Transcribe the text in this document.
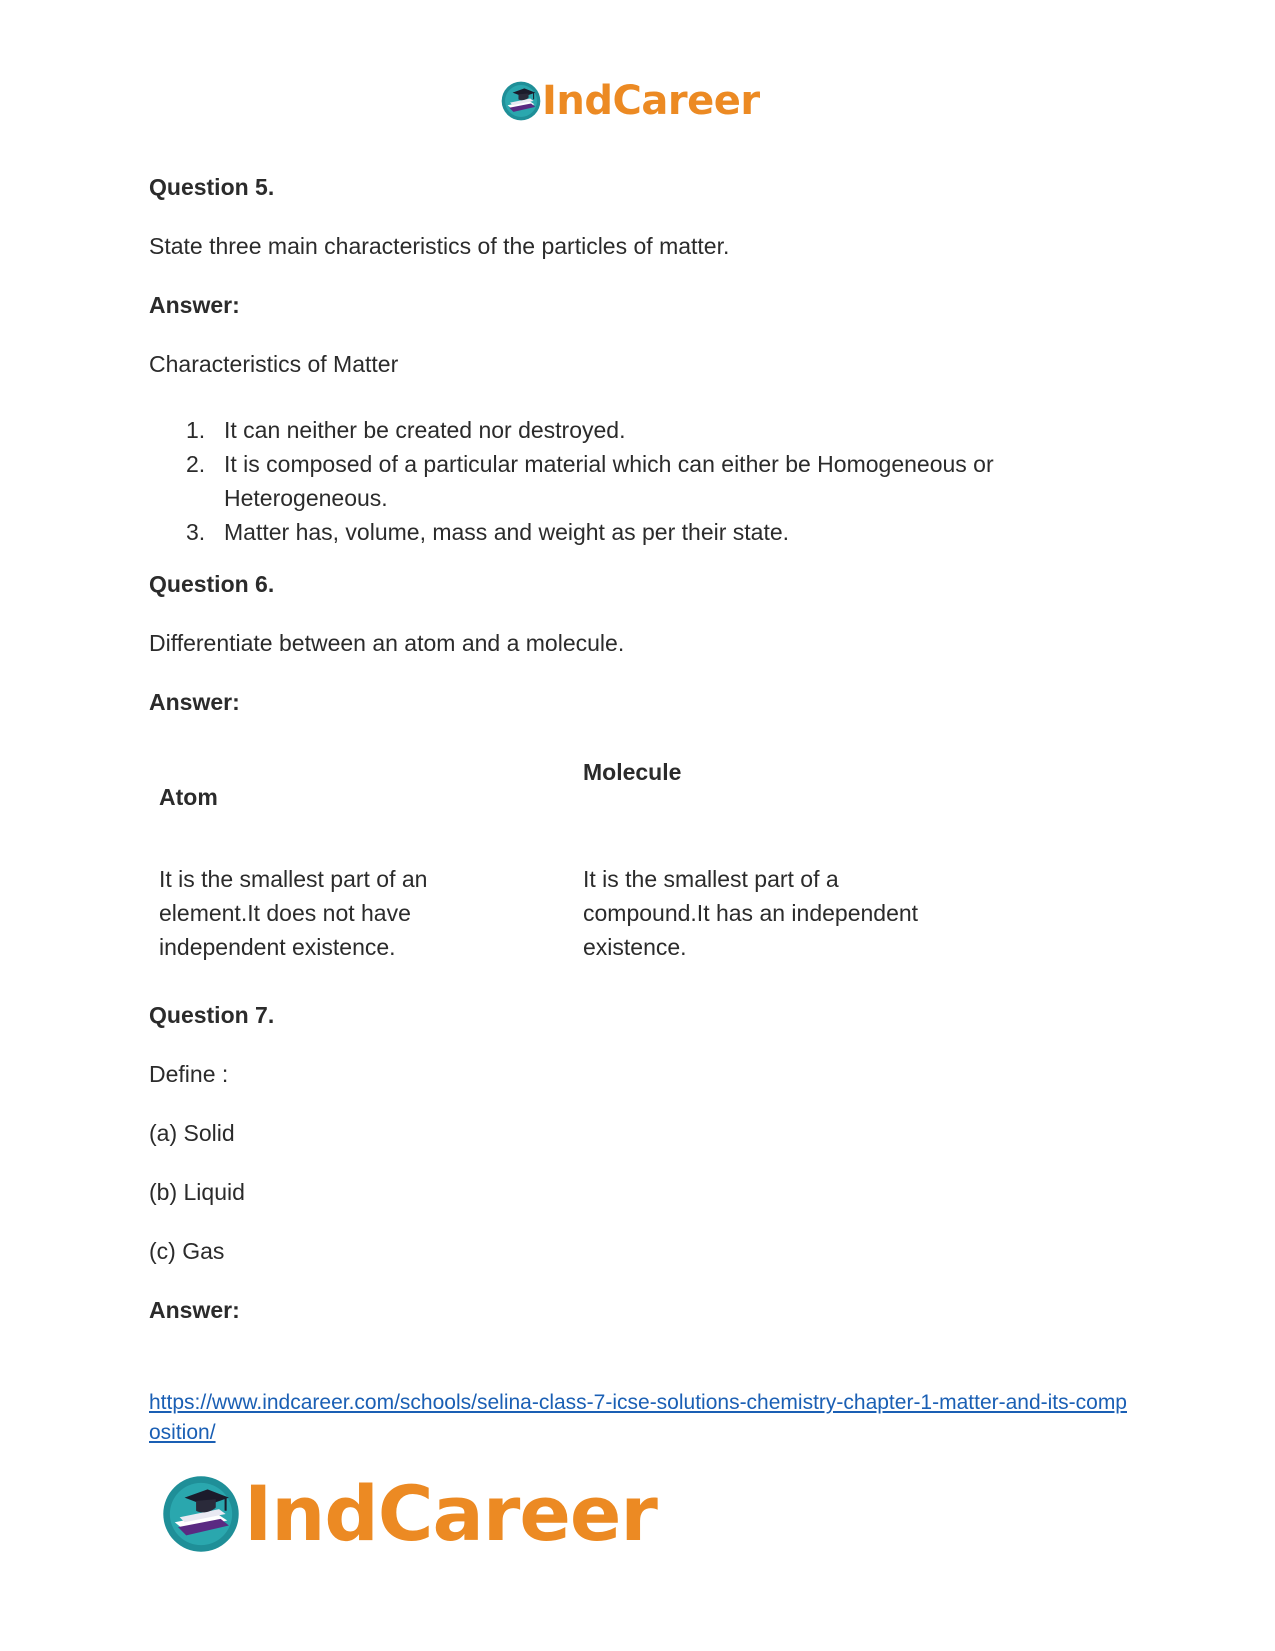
IndCareer
Question 5.
State three main characteristics of the particles of matter.
Answer:
Characteristics of Matter
1. It can neither be created nor destroyed.
2. It is composed of a particular material which can either be Homogeneous or Heterogeneous.
3. Matter has, volume, mass and weight as per their state.
Question 6.
Differentiate between an atom and a molecule.
Answer:
Atom
Molecule
It is the smallest part of an element.It does not have independent existence.
It is the smallest part of a compound.It has an independent existence.
Question 7.
Define :
(a) Solid
(b) Liquid
(c) Gas
Answer:
https://www.indcareer.com/schools/selina-class-7-icse-solutions-chemistry-chapter-1-matter-and-its-composition/
IndCareer
